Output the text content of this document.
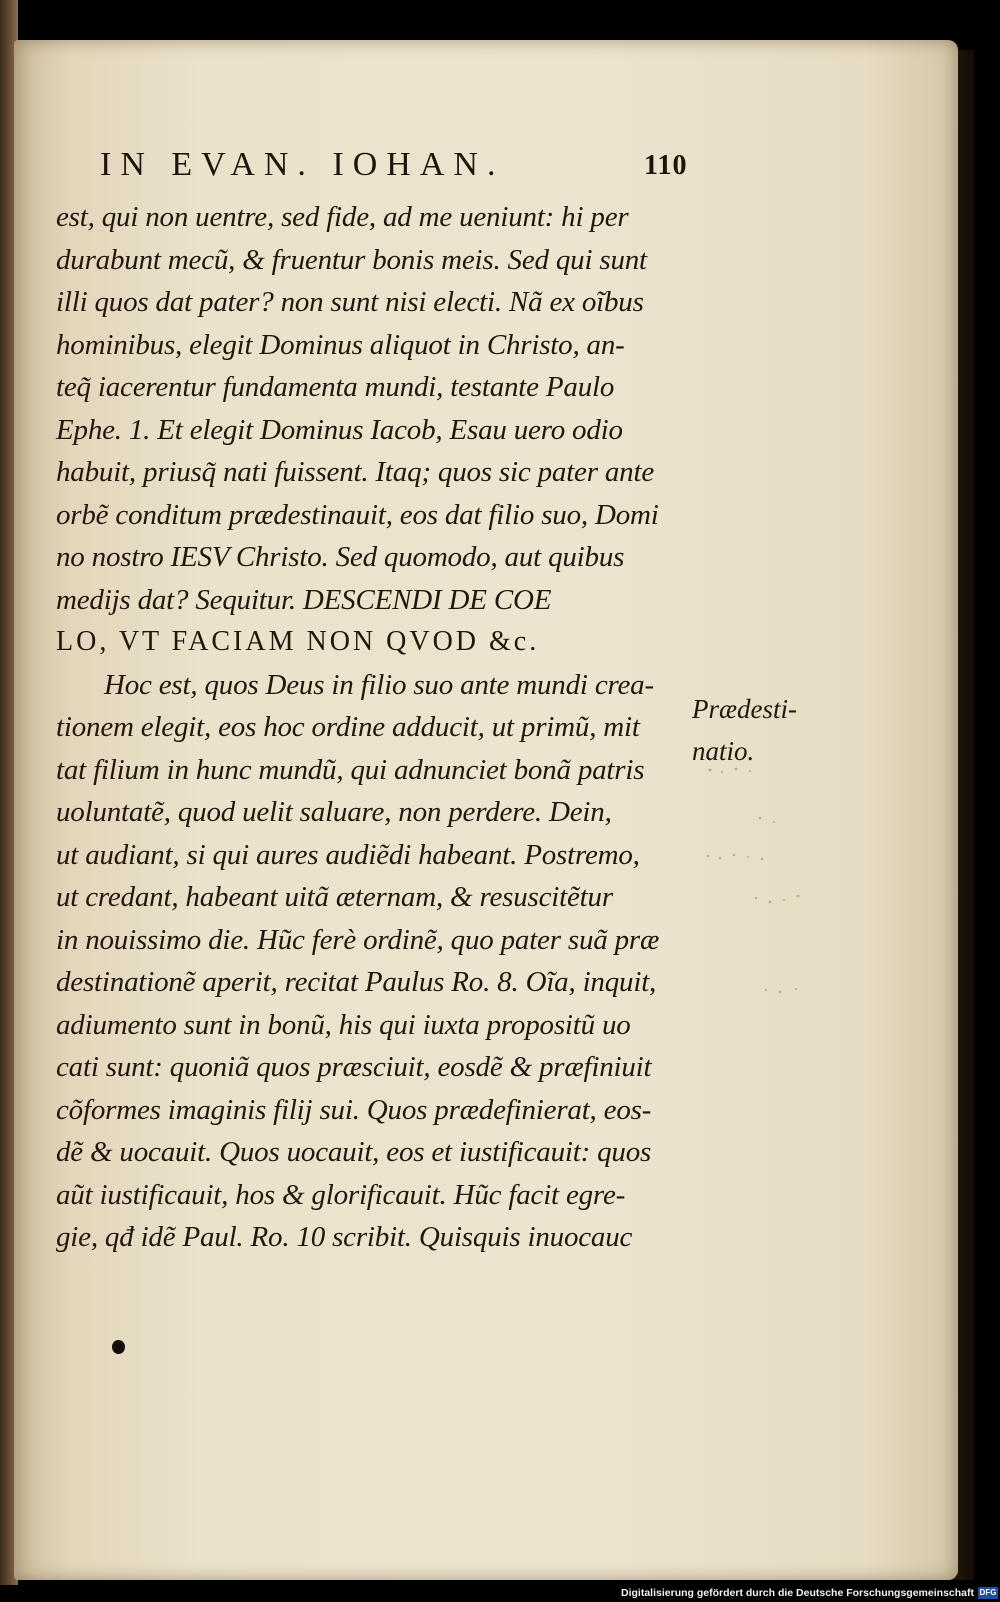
IN EVAN. IOHAN.	110
est, qui non uentre, sed fide, ad me ueniunt: hi per
durabunt mecũ, & fruentur bonis meis. Sed qui sunt
illi quos dat pater? non sunt nisi electi. Nã ex oĩbus
hominibus, elegit Dominus aliquot in Christo, an-
teq̃ iacerentur fundamenta mundi, testante Paulo
Ephe. 1. Et elegit Dominus Iacob, Esau uero odio
habuit, priusq̃ nati fuissent. Itaq; quos sic pater ante
orbẽ conditum prædestinauit, eos dat filio suo, Domi
no nostro IESV Christo. Sed quomodo, aut quibus
medijs dat? Sequitur. DESCENDI DE COE
LO, VT FACIAM NON QVOD &c.
Hoc est, quos Deus in filio suo ante mundi crea-
tionem elegit, eos hoc ordine adducit, ut primũ, mit
tat filium in hunc mundũ, qui adnunciet bonã patris
uoluntatẽ, quod uelit saluare, non perdere. Dein,
ut audiant, si qui aures audiẽdi habeant. Postremo,
ut credant, habeant uitã æternam, & resuscitẽtur
in nouissimo die. Hũc ferè ordinẽ, quo pater suã præ
destinationẽ aperit, recitat Paulus Ro. 8. Oĩa, inquit,
adiumento sunt in bonũ, his qui iuxta propositũ uo
cati sunt: quoniã quos præsciuit, eosdẽ & præfiniuit
cõformes imaginis filij sui. Quos prædefinierat, eos-
dẽ & uocauit. Quos uocauit, eos et iustificauit: quos
aũt iustificauit, hos & glorificauit. Hũc facit egre-
gie, qđ idẽ Paul. Ro. 10 scribit. Quisquis inuocauc
Prædesti-
natio.
Digitalisierung gefördert durch die Deutsche Forschungsgemeinschaft DFG
